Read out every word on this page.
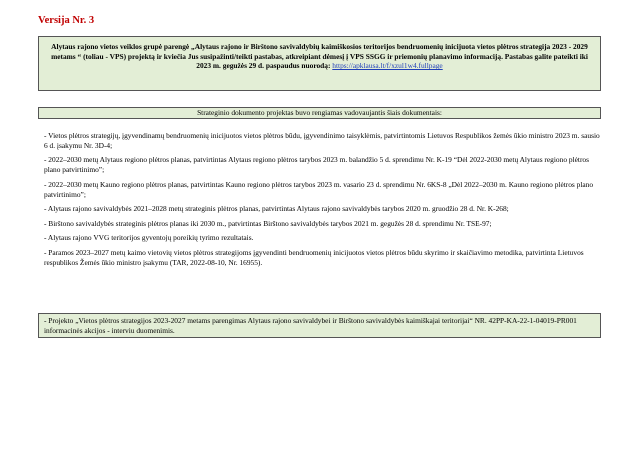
Versija Nr. 3
Alytaus rajono vietos veiklos grupė parengė „Alytaus rajono ir Birštono savivaldybių kaimiškosios teritorijos bendruomenių inicijuota vietos plėtros strategija 2023 - 2029 metams “ (toliau - VPS) projektą ir kviečia Jus susipažinti/teikti pastabas, atkreipiant dėmesį į VPS SSGG ir priemonių planavimo informaciją. Pastabas galite pateikti iki 2023 m. gegužės 29 d. paspaudus nuorodą: https://apklausa.lt/f/xzul1w4.fullpage
Strateginio dokumento projektas buvo rengiamas vadovaujantis šiais dokumentais:
- Vietos plėtros strategijų, įgyvendinamų bendruomenių inicijuotos vietos plėtros būdu, įgyvendinimo taisyklėmis, patvirtintomis Lietuvos Respublikos žemės ūkio ministro 2023 m. sausio 6 d. įsakymu Nr. 3D-4;
- 2022–2030 metų Alytaus regiono plėtros planas, patvirtintas Alytaus regiono plėtros tarybos 2023 m. balandžio 5 d. sprendimu Nr. K-19 “Dėl 2022-2030 metų Alytaus regiono plėtros plano patvirtinimo”;
- 2022–2030 metų Kauno regiono plėtros planas, patvirtintas Kauno regiono plėtros tarybos 2023 m. vasario 23 d. sprendimu Nr. 6KS-8 „Dėl 2022–2030 m. Kauno regiono plėtros plano patvirtinimo”;
- Alytaus rajono savivaldybės 2021–2028 metų strateginis plėtros planas, patvirtintas Alytaus rajono savivaldybės tarybos 2020 m. gruodžio 28 d. Nr. K-268;
- Birštono savivaldybės strateginis plėtros planas iki 2030 m., patvirtintas Birštono savivaldybės tarybos 2021 m. gegužės 28 d. sprendimu Nr. TSE-97;
- Alytaus rajono VVG teritorijos gyventojų poreikių tyrimo rezultatais.
- Paramos 2023–2027 metų kaimo vietovių vietos plėtros strategijoms įgyvendinti bendruomenių inicijuotos vietos plėtros būdu skyrimo ir skaičiavimo metodika, patvirtinta Lietuvos respublikos Žemės ūkio ministro įsakymu (TAR, 2022-08-10, Nr. 16955).
- Projekto „Vietos plėtros strategijos 2023-2027 metams parengimas Alytaus rajono savivaldybei ir Birštono savivaldybės kaimiškajai teritorijai“ NR. 42PP-KA-22-1-04019-PR001 informacinės akcijos - interviu duomenimis.
